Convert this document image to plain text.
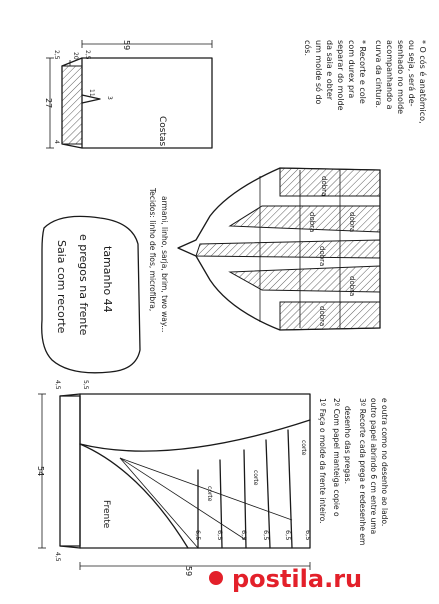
Costas
59
27
2,5	2,5
20
11
3
4
* O cós é anatômico,
ou seja, será de-
senhado no molde
acompanhando a
curva da cintura.
* Recorte e cole
com durex pra
separar do molde
da saia e obter
um molde só do
cós.
Saia com recorte e pregos na frente tamanho 44	Tecidos: linho de fios, microfibra, armani, linho, sarja, brim, two way...
dobra
dobra	dobra
dobra
dobra
dobra
Frente
54
59
4,5	5,5
4,5
6,5 6,5 6,5 6,5 6,5 6,5
corte
corte
corte 1º Faça o molde da frente inteiro. 2º Com papel manteiga copie o desenho das pregas. 3º Recorte cada prega e redesenhe em outro papel abrindo 6 cm entre uma e outra como no desenho ao lado.
postila.ru
